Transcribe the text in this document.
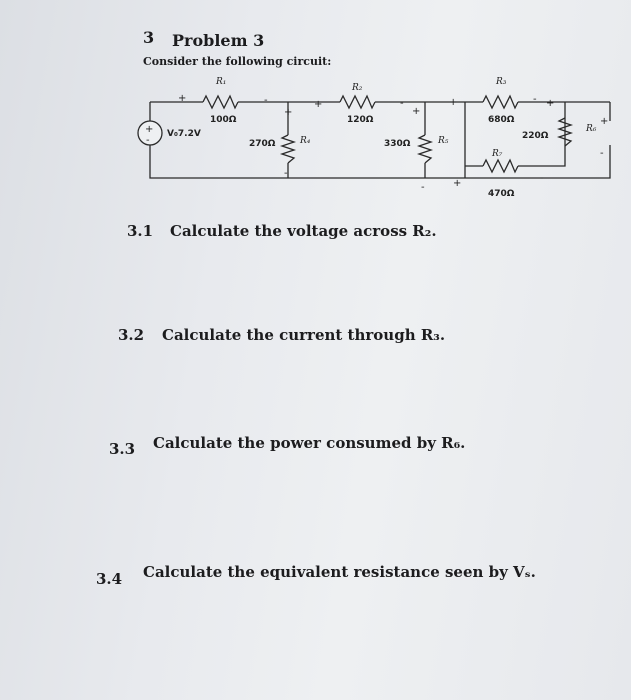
3 Problem 3
Consider the following circuit:
+
-
V₀7.2V
R₁
100Ω
R₂
120Ω
R₃
680Ω
270Ω	R₄	330Ω	R₅	220Ω
R₆
R₇
470Ω
+	-
+
+	-
+
+
-
-	+
- +
-
+
-
3.1 Calculate the voltage across R₂.
3.2 Calculate the current through R₃.
3.3 Calculate the power consumed by R₆.
3.4 Calculate the equivalent resistance seen by Vₛ.
